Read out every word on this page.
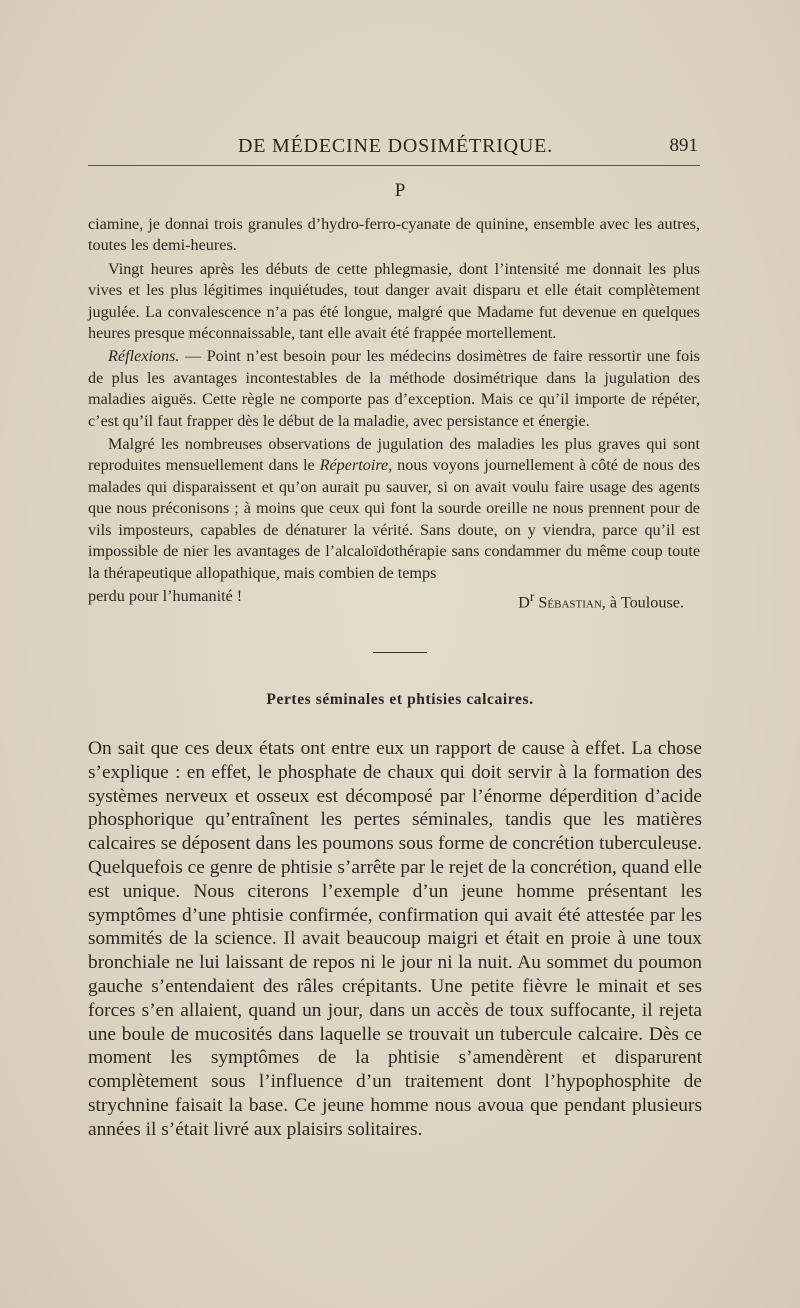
DE MÉDECINE DOSIMÉTRIQUE.	891
P

ciamine, je donnai trois granules d’hydro-ferro-cyanate de quinine, ensemble avec les autres, toutes les demi-heures.

Vingt heures après les débuts de cette phlegmasie, dont l’intensité me donnait les plus vives et les plus légitimes inquiétudes, tout danger avait disparu et elle était complètement jugulée. La convalescence n’a pas été longue, malgré que Madame fut devenue en quelques heures presque méconnaissable, tant elle avait été frappée mortellement.

Réflexions. — Point n’est besoin pour les médecins dosimètres de faire ressortir une fois de plus les avantages incontestables de la méthode dosimétrique dans la jugulation des maladies aiguës. Cette règle ne comporte pas d’exception. Mais ce qu’il importe de répéter, c’est qu’il faut frapper dès le début de la maladie, avec persistance et énergie.

Malgré les nombreuses observations de jugulation des maladies les plus graves qui sont reproduites mensuellement dans le Répertoire, nous voyons journellement à côté de nous des malades qui disparaissent et qu’on aurait pu sauver, si on avait voulu faire usage des agents que nous préconisons ; à moins que ceux qui font la sourde oreille ne nous prennent pour de vils imposteurs, capables de dénaturer la vérité. Sans doute, on y viendra, parce qu’il est impossible de nier les avantages de l’alcaloïdothérapie sans condammer du même coup toute la thérapeutique allopathique, mais combien de temps

perdu pour l’humanité !	$D^r$ Sébastian, à Toulouse.

Pertes séminales et phtisies calcaires.

On sait que ces deux états ont entre eux un rapport de cause à effet. La chose s’explique : en effet, le phosphate de chaux qui doit servir à la formation des systèmes nerveux et osseux est décomposé par l’énorme déperdition d’acide phosphorique qu’entraînent les pertes séminales, tandis que les matières calcaires se déposent dans les poumons sous forme de concrétion tuberculeuse. Quelquefois ce genre de phtisie s’arrête par le rejet de la concrétion, quand elle est unique. Nous citerons l’exemple d’un jeune homme présentant les symptômes d’une phtisie confirmée, confirmation qui avait été attestée par les sommités de la science. Il avait beaucoup maigri et était en proie à une toux bronchiale ne lui laissant de repos ni le jour ni la nuit. Au sommet du poumon gauche s’entendaient des râles crépitants. Une petite fièvre le minait et ses forces s’en allaient, quand un jour, dans un accès de toux suffocante, il rejeta une boule de mucosités dans laquelle se trouvait un tubercule calcaire. Dès ce moment les symptômes de la phtisie s’amendèrent et disparurent complètement sous l’influence d’un traitement dont l’hypophosphite de strychnine faisait la base. Ce jeune homme nous avoua que pendant plusieurs années il s’était livré aux plaisirs solitaires.
